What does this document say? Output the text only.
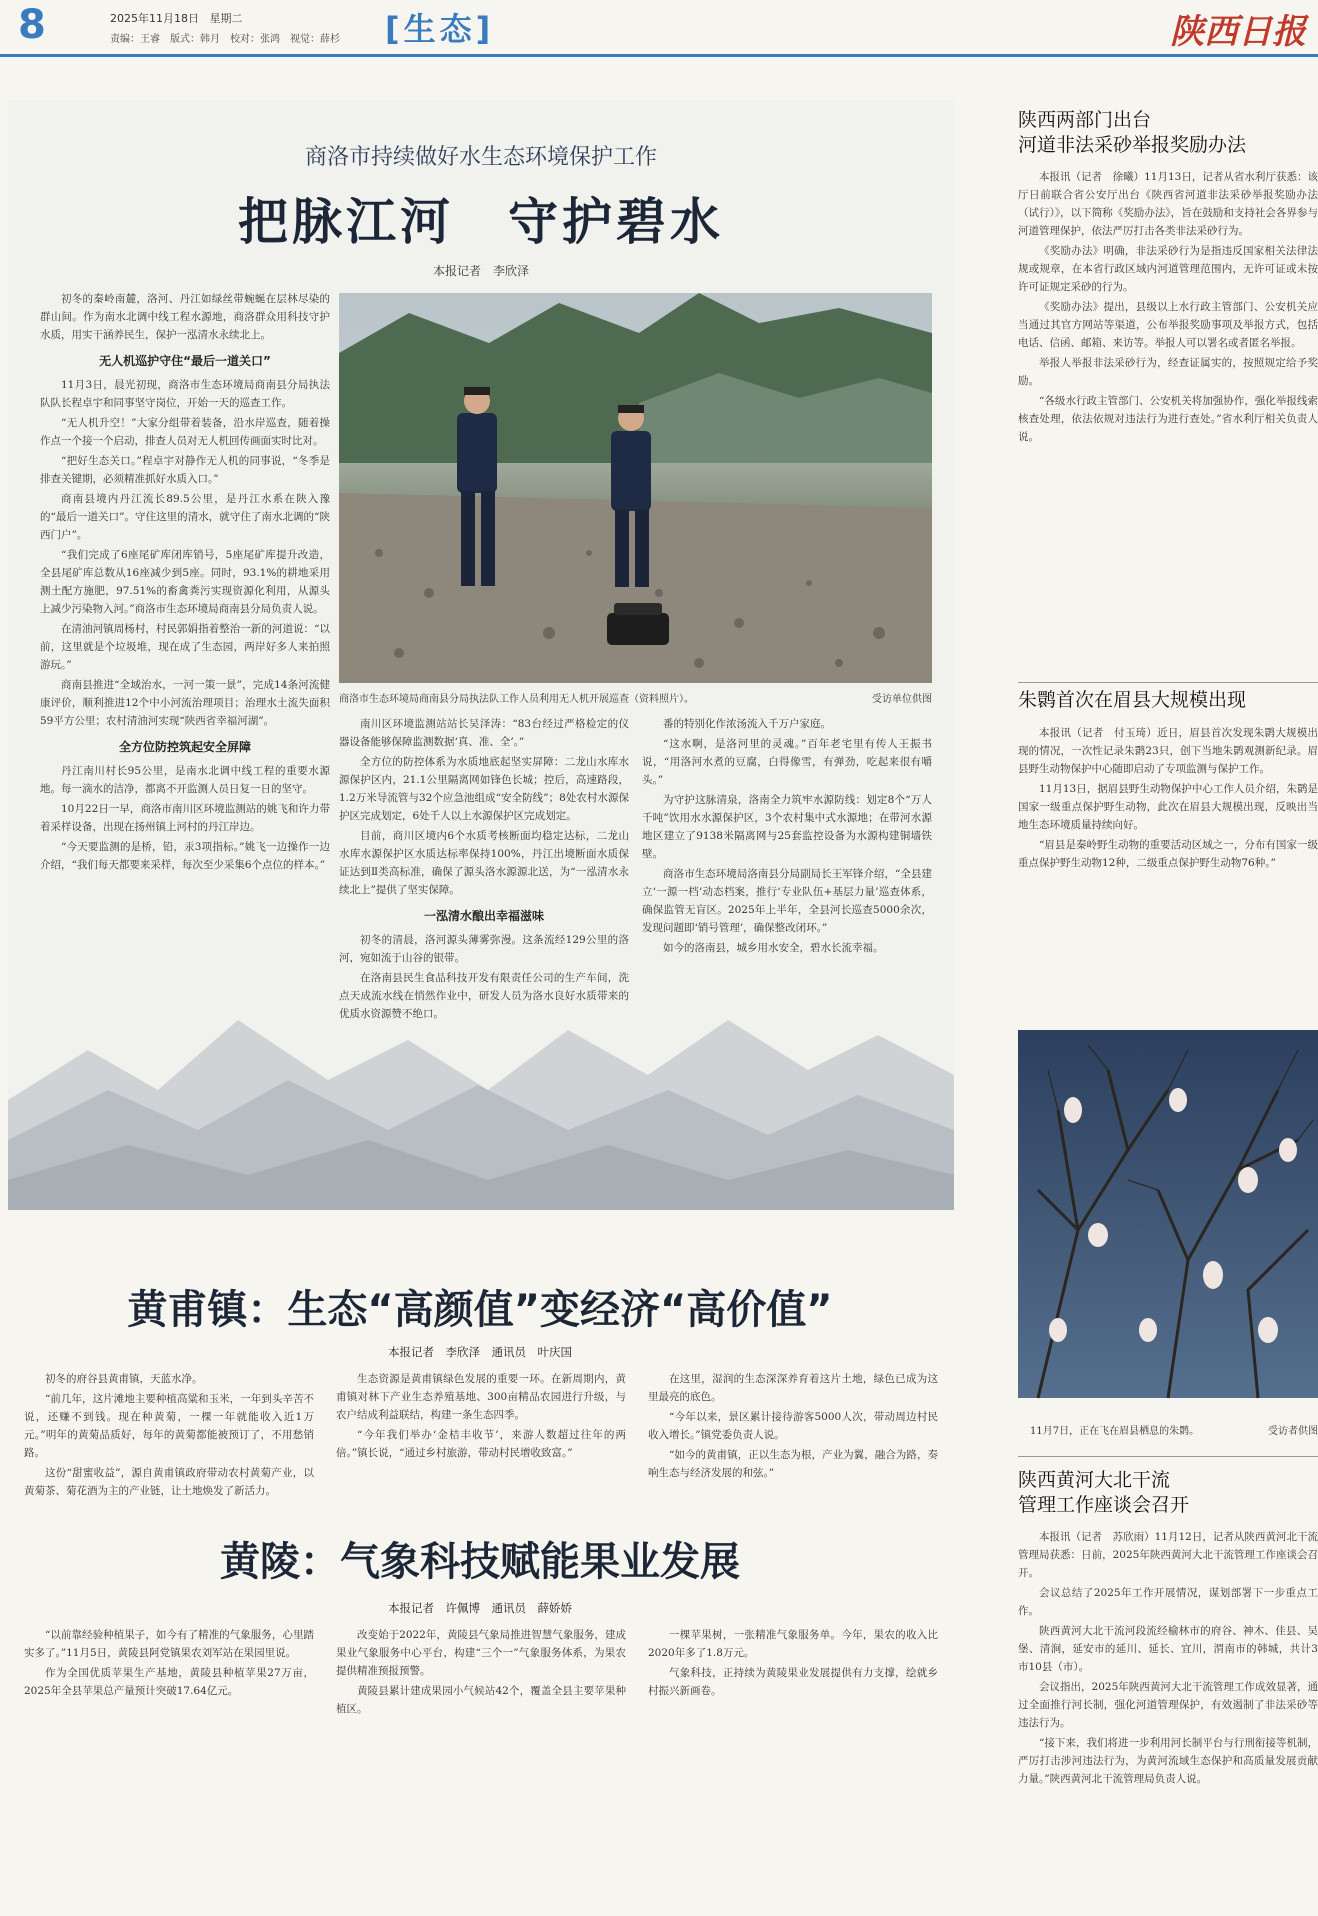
8	2025年11月18日 星期二
责编：王睿　版式：韩月　校对：张鸿　视觉：薛杉 [生态]	陕西日报
商洛市持续做好水生态环境保护工作
把脉江河　守护碧水
本报记者　李欣泽

初冬的秦岭南麓，洛河、丹江如绿丝带蜿蜒在层林尽染的群山间。作为南水北调中线工程水源地，商洛群众用科技守护水质，用实干涵养民生，保护一泓清水永续北上。

无人机巡护守住“最后一道关口”

11月3日，晨光初现，商洛市生态环境局商南县分局执法队队长程卓宇和同事坚守岗位，开始一天的巡查工作。

“无人机升空！”大家分组带着装备，沿水岸巡查，随着操作点一个接一个启动，排查人员对无人机回传画面实时比对。

“把好生态关口。”程卓宇对静作无人机的同事说，“冬季是排查关键期，必须精准抓好水质入口。”

商南县境内丹江流长89.5公里，是丹江水系在陕入豫的“最后一道关口”。守住这里的清水，就守住了南水北调的“陕西门户”。

“我们完成了6座尾矿库闭库销号，5座尾矿库提升改造，全县尾矿库总数从16座减少到5座。同时，93.1%的耕地采用测土配方施肥，97.51%的畜禽粪污实现资源化利用，从源头上减少污染物入河。”商洛市生态环境局商南县分局负责人说。

在清油河镇周杨村，村民郭娟指着整治一新的河道说：“以前，这里就是个垃圾堆，现在成了生态园，两岸好多人来拍照游玩。”

商南县推进“全域治水，一河一策一景”，完成14条河流健康评价，顺利推进12个中小河流治理项目；治理水土流失面积59平方公里；农村清油河实现“陕西省幸福河湖”。

全方位防控筑起安全屏障

丹江南川村长95公里，是南水北调中线工程的重要水源地。每一滴水的洁净，都离不开监测人员日复一日的坚守。

10月22日一早，商洛市南川区环境监测站的姚飞和许力带着采样设备，出现在扬州镇上河村的丹江岸边。

“今天要监测的是桥，铅，汞3项指标。”姚飞一边操作一边介绍，“我们每天都要来采样，每次至少采集6个点位的样本。”

商洛市生态环境局商南县分局执法队工作人员利用无人机开展巡查（资料照片）。	受访单位供图

南川区环境监测站站长吴泽涛：“83台经过严格检定的仪器设备能够保障监测数据‘真、准、全’。”

全方位的防控体系为水质地底起坚实屏障：二龙山水库水源保护区内，21.1公里隔离网如锋色长城；控后，高速路段，1.2万米导流管与32个应急池组成“安全防线”；8处农村水源保护区完成划定，6处千人以上水源保护区完成划定。

目前，商川区境内6个水质考核断面均稳定达标，二龙山水库水源保护区水质达标率保持100%，丹江出境断面水质保证达到Ⅱ类高标准，确保了源头洛水源源北送，为“一泓清水永续北上”提供了坚实保障。

一泓清水酿出幸福滋味

初冬的清晨，洛河源头薄雾弥漫。这条流经129公里的洛河，宛如流于山谷的银带。

在洛南县民生食品科技开发有限责任公司的生产车间，洗点天成流水线在悄然作业中，研发人员为洛水良好水质带来的优质水资源赞不绝口。

番的特别化作浓汤流入千万户家庭。

“这水啊，是洛河里的灵魂。”百年老宅里有传人王振书说，“用洛河水煮的豆腐，白得像雪，有弹劲，吃起来很有嚼头。”

为守护这脉清泉，洛南全力筑牢水源防线：划定8个“万人千吨”饮用水水源保护区，3个农村集中式水源地；在带河水源地区建立了9138米隔离网与25套监控设备为水源构建铜墙铁壁。

商洛市生态环境局洛南县分局副局长王军锋介绍，“全县建立‘一源一档’动态档案，推行‘专业队伍+基层力量’巡查体系，确保监管无盲区。2025年上半年，全县河长巡查5000余次，发现问题即‘销号管理’，确保整改闭环。”

如今的洛南县，城乡用水安全，碧水长流幸福。

黄甫镇：生态“高颜值”变经济“高价值”
本报记者　李欣泽　通讯员　叶庆国

初冬的府谷县黄甫镇，天蓝水净。

“前几年，这片滩地主要种植高粱和玉米，一年到头辛苦不说，还赚不到钱。现在种黄菊，一棵一年就能收入近1万元。”明年的黄菊品质好，每年的黄菊都能被预订了，不用愁销路。

这份“甜蜜收益”，源自黄甫镇政府带动农村黄菊产业，以黄菊茶、菊花酒为主的产业链，让土地焕发了新活力。

生态资源是黄甫镇绿色发展的重要一环。在新周期内，黄甫镇对林下产业生态养殖基地、300亩精品农园进行升级，与农户结成利益联结，构建一条生态四季。

“今年我们举办‘金桔丰收节’，来游人数超过往年的两倍。”镇长说，“通过乡村旅游，带动村民增收致富。”

在这里，湿润的生态深深养育着这片土地，绿色已成为这里最亮的底色。

“今年以来，景区累计接待游客5000人次，带动周边村民收入增长。”镇党委负责人说。

“如今的黄甫镇，正以生态为根，产业为翼，融合为路，奏响生态与经济发展的和弦。”

黄陵：气象科技赋能果业发展
本报记者　许佩博　通讯员　薛娇娇

“以前靠经验种植果子，如今有了精准的气象服务，心里踏实多了。”11月5日，黄陵县阿党镇果农刘军站在果园里说。

作为全国优质苹果生产基地，黄陵县种植苹果27万亩，2025年全县苹果总产量预计突破17.64亿元。

改变始于2022年，黄陵县气象局推进智慧气象服务，建成果业气象服务中心平台，构建“三个一”气象服务体系，为果农提供精准预报预警。

黄陵县累计建成果园小气候站42个，覆盖全县主要苹果种植区。

一棵苹果树，一张精准气象服务单。今年，果农的收入比2020年多了1.8万元。

气象科技，正持续为黄陵果业发展提供有力支撑，绘就乡村振兴新画卷。

陕西两部门出台
河道非法采砂举报奖励办法

本报讯（记者　徐曦）11月13日，记者从省水利厅获悉：该厅日前联合省公安厅出台《陕西省河道非法采砂举报奖励办法（试行）》，以下简称《奖励办法》，旨在鼓励和支持社会各界参与河道管理保护，依法严厉打击各类非法采砂行为。

《奖励办法》明确，非法采砂行为是指违反国家相关法律法规或规章，在本省行政区域内河道管理范围内，无许可证或未按许可证规定采砂的行为。

《奖励办法》提出，县级以上水行政主管部门、公安机关应当通过其官方网站等渠道，公布举报奖励事项及举报方式，包括电话、信函、邮箱、来访等。举报人可以署名或者匿名举报。

举报人举报非法采砂行为，经查证属实的，按照规定给予奖励。

“各级水行政主管部门、公安机关将加强协作，强化举报线索核查处理，依法依规对违法行为进行查处。”省水利厅相关负责人说。

朱鹮首次在眉县大规模出现

本报讯（记者　付玉琦）近日，眉县首次发现朱鹮大规模出现的情况，一次性记录朱鹮23只，创下当地朱鹮观测新纪录。眉县野生动物保护中心随即启动了专项监测与保护工作。

11月13日，据眉县野生动物保护中心工作人员介绍，朱鹮是国家一级重点保护野生动物，此次在眉县大规模出现，反映出当地生态环境质量持续向好。

“眉县是秦岭野生动物的重要活动区域之一，分布有国家一级重点保护野生动物12种，二级重点保护野生动物76种。”

11月7日，正在飞在眉县栖息的朱鹮。	受访者供图
陕西黄河大北干流
管理工作座谈会召开

本报讯（记者　苏欣雨）11月12日，记者从陕西黄河北干流管理局获悉：日前，2025年陕西黄河大北干流管理工作座谈会召开。

会议总结了2025年工作开展情况，谋划部署下一步重点工作。

陕西黄河大北干流河段流经榆林市的府谷、神木、佳县、吴堡、清涧，延安市的延川、延长、宜川，渭南市的韩城，共计3市10县（市）。

会议指出，2025年陕西黄河大北干流管理工作成效显著，通过全面推行河长制，强化河道管理保护，有效遏制了非法采砂等违法行为。

“接下来，我们将进一步利用河长制平台与行刑衔接等机制，严厉打击涉河违法行为，为黄河流域生态保护和高质量发展贡献力量。”陕西黄河北干流管理局负责人说。
